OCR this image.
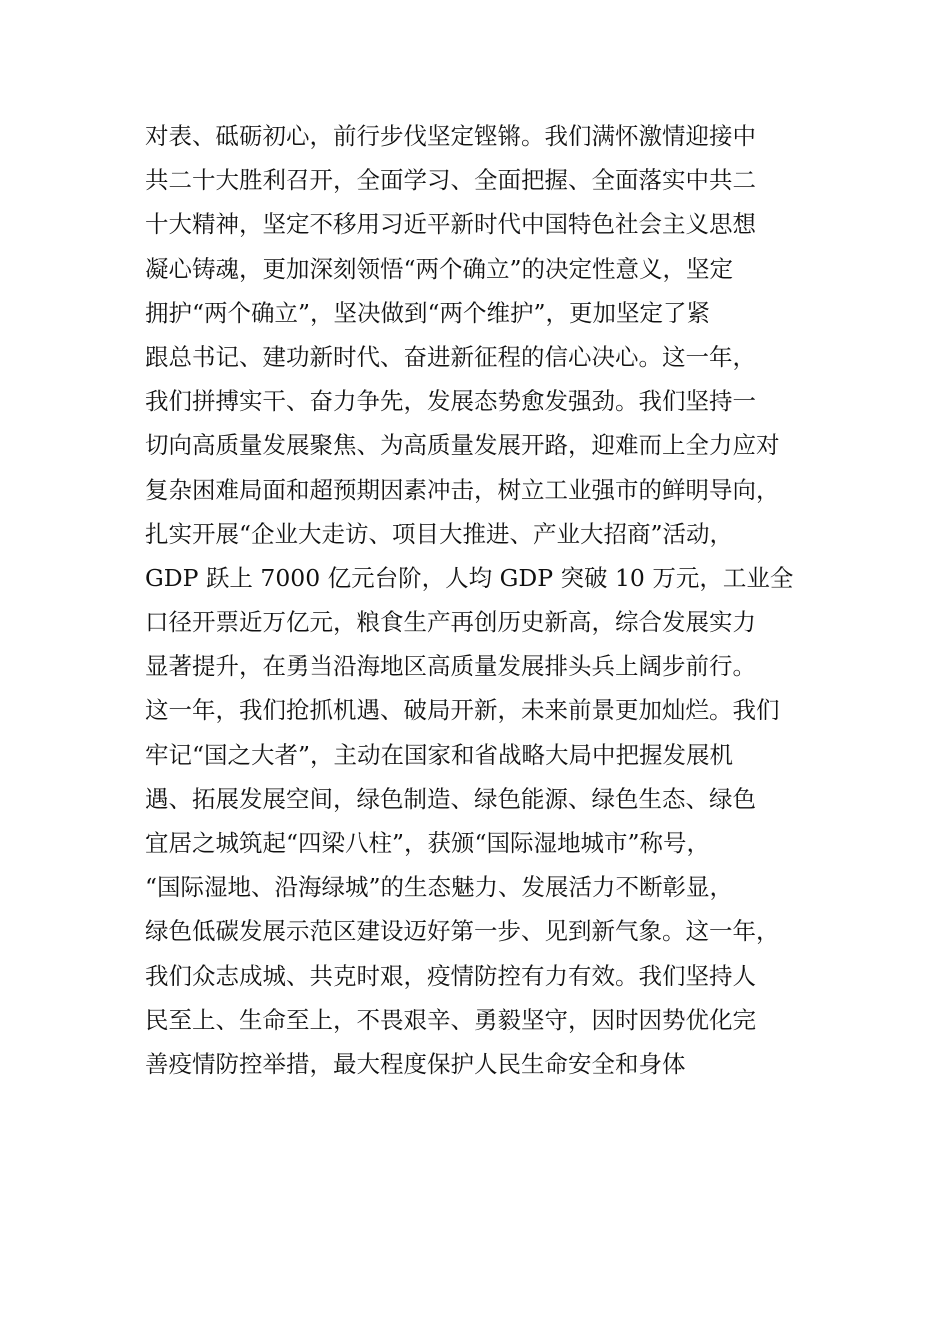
对表、砥砺初心，前行步伐坚定铿锵。我们满怀激情迎接中
共二十大胜利召开，全面学习、全面把握、全面落实中共二
十大精神，坚定不移用习近平新时代中国特色社会主义思想
凝心铸魂，更加深刻领悟“两个确立”的决定性意义，坚定
拥护“两个确立”，坚决做到“两个维护”，更加坚定了紧
跟总书记、建功新时代、奋进新征程的信心决心。这一年，
我们拼搏实干、奋力争先，发展态势愈发强劲。我们坚持一
切向高质量发展聚焦、为高质量发展开路，迎难而上全力应对
复杂困难局面和超预期因素冲击，树立工业强市的鲜明导向，
扎实开展“企业大走访、项目大推进、产业大招商”活动，
GDP 跃上 7000 亿元台阶，人均 GDP 突破 10 万元，工业全
口径开票近万亿元，粮食生产再创历史新高，综合发展实力
显著提升，在勇当沿海地区高质量发展排头兵上阔步前行。
这一年，我们抢抓机遇、破局开新，未来前景更加灿烂。我们
牢记“国之大者”，主动在国家和省战略大局中把握发展机
遇、拓展发展空间，绿色制造、绿色能源、绿色生态、绿色
宜居之城筑起“四梁八柱”，获颁“国际湿地城市”称号，
“国际湿地、沿海绿城”的生态魅力、发展活力不断彰显，
绿色低碳发展示范区建设迈好第一步、见到新气象。这一年，
我们众志成城、共克时艰，疫情防控有力有效。我们坚持人
民至上、生命至上，不畏艰辛、勇毅坚守，因时因势优化完
善疫情防控举措，最大程度保护人民生命安全和身体
